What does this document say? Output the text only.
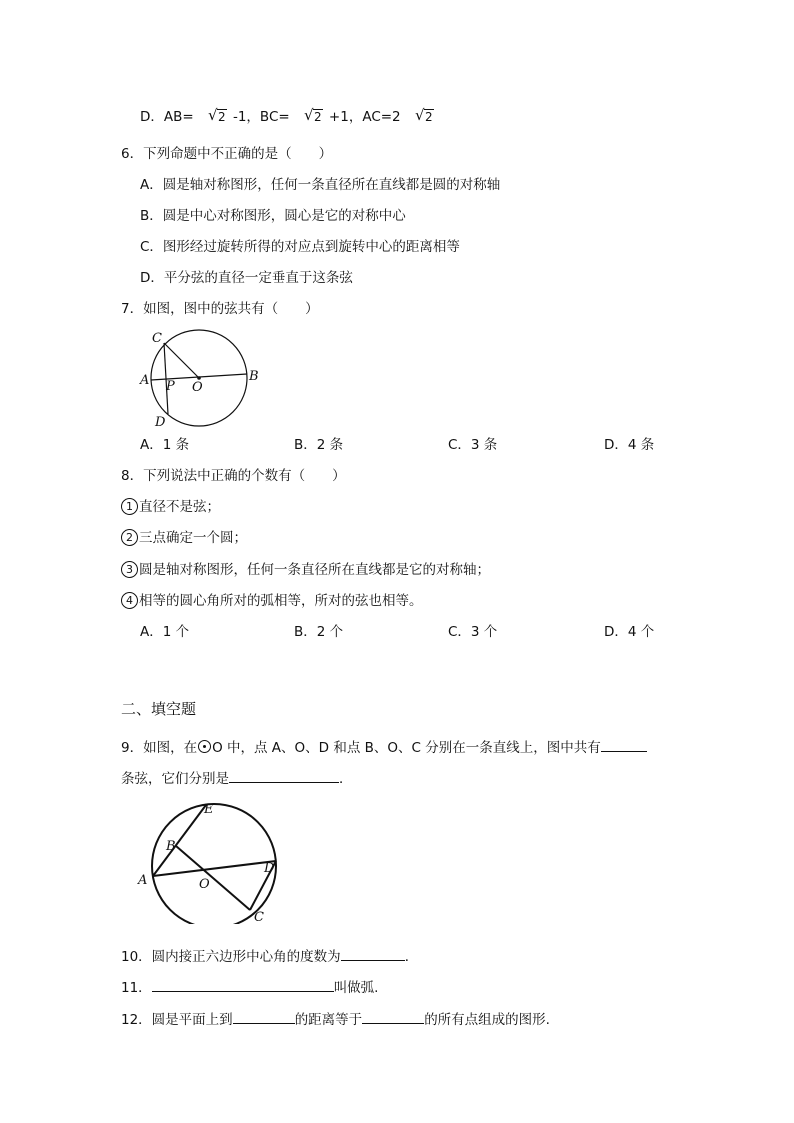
D．AB= √ 2 -1，BC= √ 2 +1，AC=2 √ 2
6．下列命题中不正确的是（　　）
A．圆是轴对称图形，任何一条直径所在直线都是圆的对称轴
B．圆是中心对称图形，圆心是它的对称中心
C．图形经过旋转所得的对应点到旋转中心的距离相等
D．平分弦的直径一定垂直于这条弦
7．如图，图中的弦共有（　　）
C
A P O
B
D
A．1 条	B．2 条	C．3 条	D．4 条
8．下列说法中正确的个数有（　　）
1 直径不是弦；
2 三点确定一个圆；
3 圆是轴对称图形，任何一条直径所在直线都是它的对称轴；
4 相等的圆心角所对的弧相等，所对的弦也相等。
A．1 个	B．2 个	C．3 个	D．4 个
二、填空题
9．如图，在 O 中，点 A、O、D 和点 B、O、C 分别在一条直线上，图中共有
条弦，它们分别是	．
E
B
A	O
D
C
10．圆内接正六边形中心角的度数为	．
11．	叫做弧.
12．圆是平面上到	的距离等于	的所有点组成的图形.
